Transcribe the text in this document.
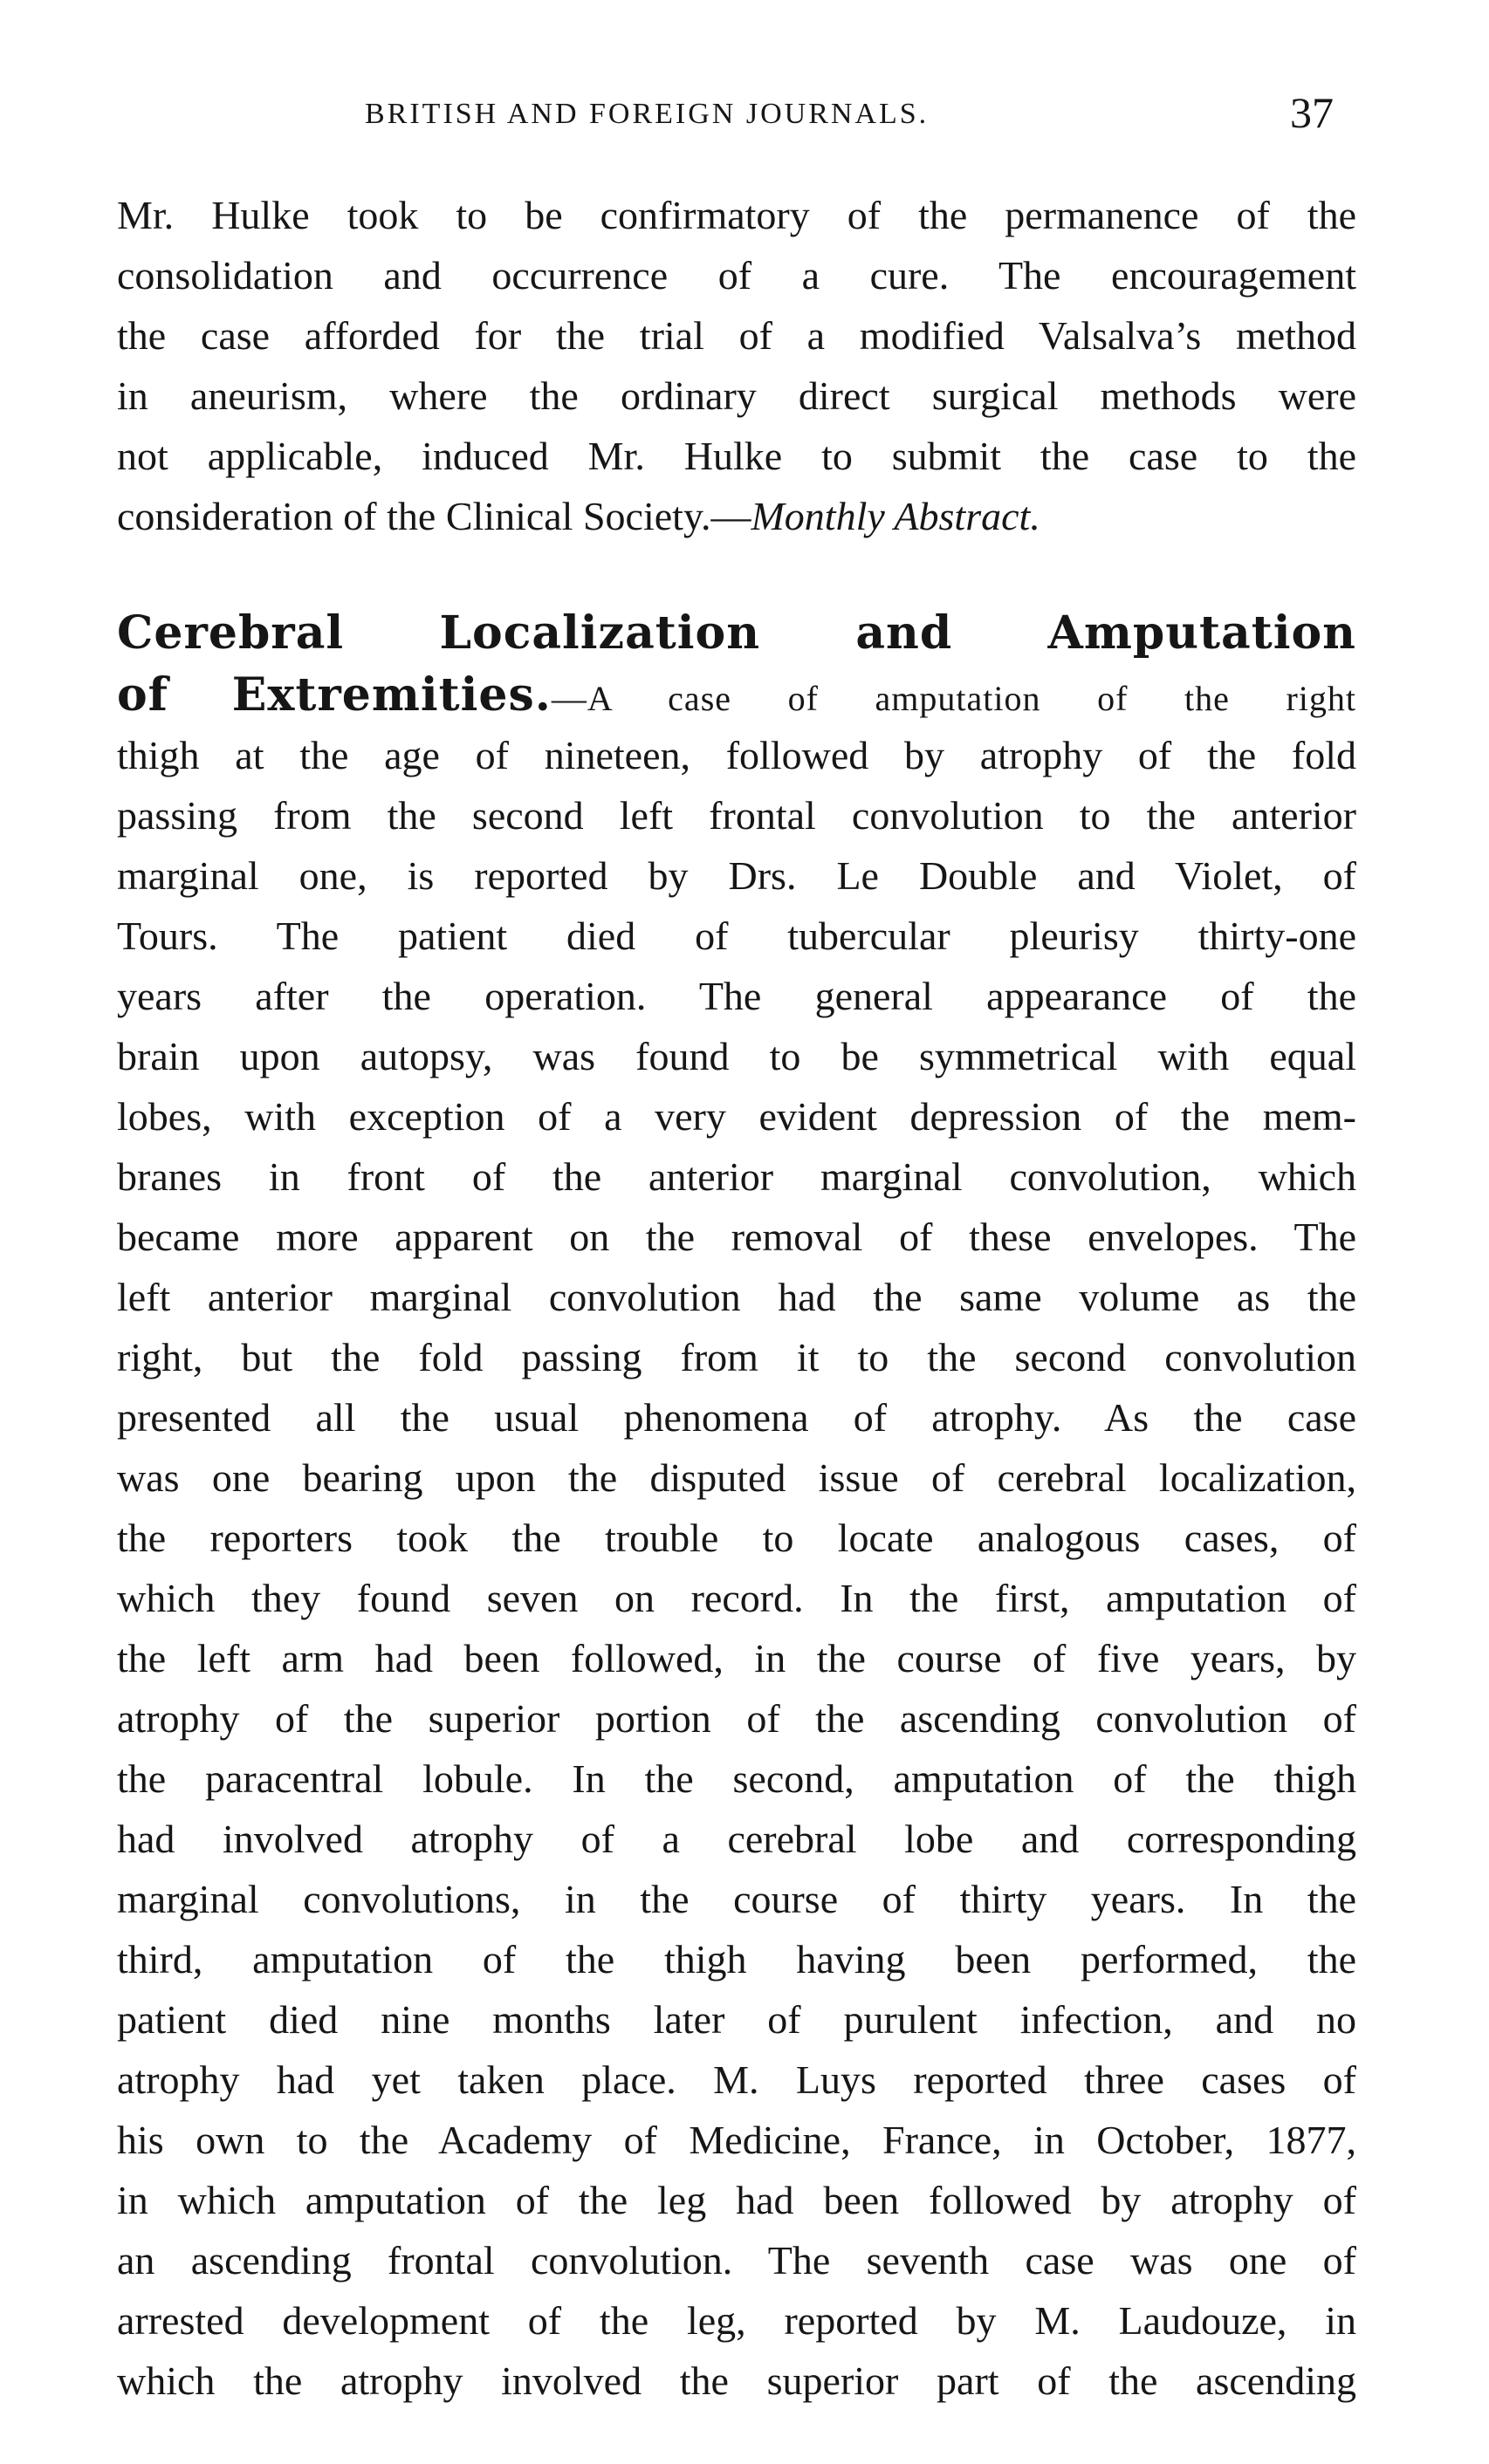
BRITISH AND FOREIGN JOURNALS.	37
Mr. Hulke took to be confirmatory of the permanence of the
consolidation and occurrence of a cure. The encouragement
the case afforded for the trial of a modified Valsalva’s method
in aneurism, where the ordinary direct surgical methods were
not applicable, induced Mr. Hulke to submit the case to the
consideration of the Clinical Society.—Monthly Abstract.
Cerebral Localization and Amputation
of Extremities.—A case of amputation of the right
thigh at the age of nineteen, followed by atrophy of the fold
passing from the second left frontal convolution to the anterior
marginal one, is reported by Drs. Le Double and Violet, of
Tours. The patient died of tubercular pleurisy thirty-one
years after the operation. The general appearance of the
brain upon autopsy, was found to be symmetrical with equal
lobes, with exception of a very evident depression of the mem-
branes in front of the anterior marginal convolution, which
became more apparent on the removal of these envelopes. The
left anterior marginal convolution had the same volume as the
right, but the fold passing from it to the second convolution
presented all the usual phenomena of atrophy. As the case
was one bearing upon the disputed issue of cerebral localization,
the reporters took the trouble to locate analogous cases, of
which they found seven on record. In the first, amputation of
the left arm had been followed, in the course of five years, by
atrophy of the superior portion of the ascending convolution of
the paracentral lobule. In the second, amputation of the thigh
had involved atrophy of a cerebral lobe and corresponding
marginal convolutions, in the course of thirty years. In the
third, amputation of the thigh having been performed, the
patient died nine months later of purulent infection, and no
atrophy had yet taken place. M. Luys reported three cases of
his own to the Academy of Medicine, France, in October, 1877,
in which amputation of the leg had been followed by atrophy of
an ascending frontal convolution. The seventh case was one of
arrested development of the leg, reported by M. Laudouze, in
which the atrophy involved the superior part of the ascending
